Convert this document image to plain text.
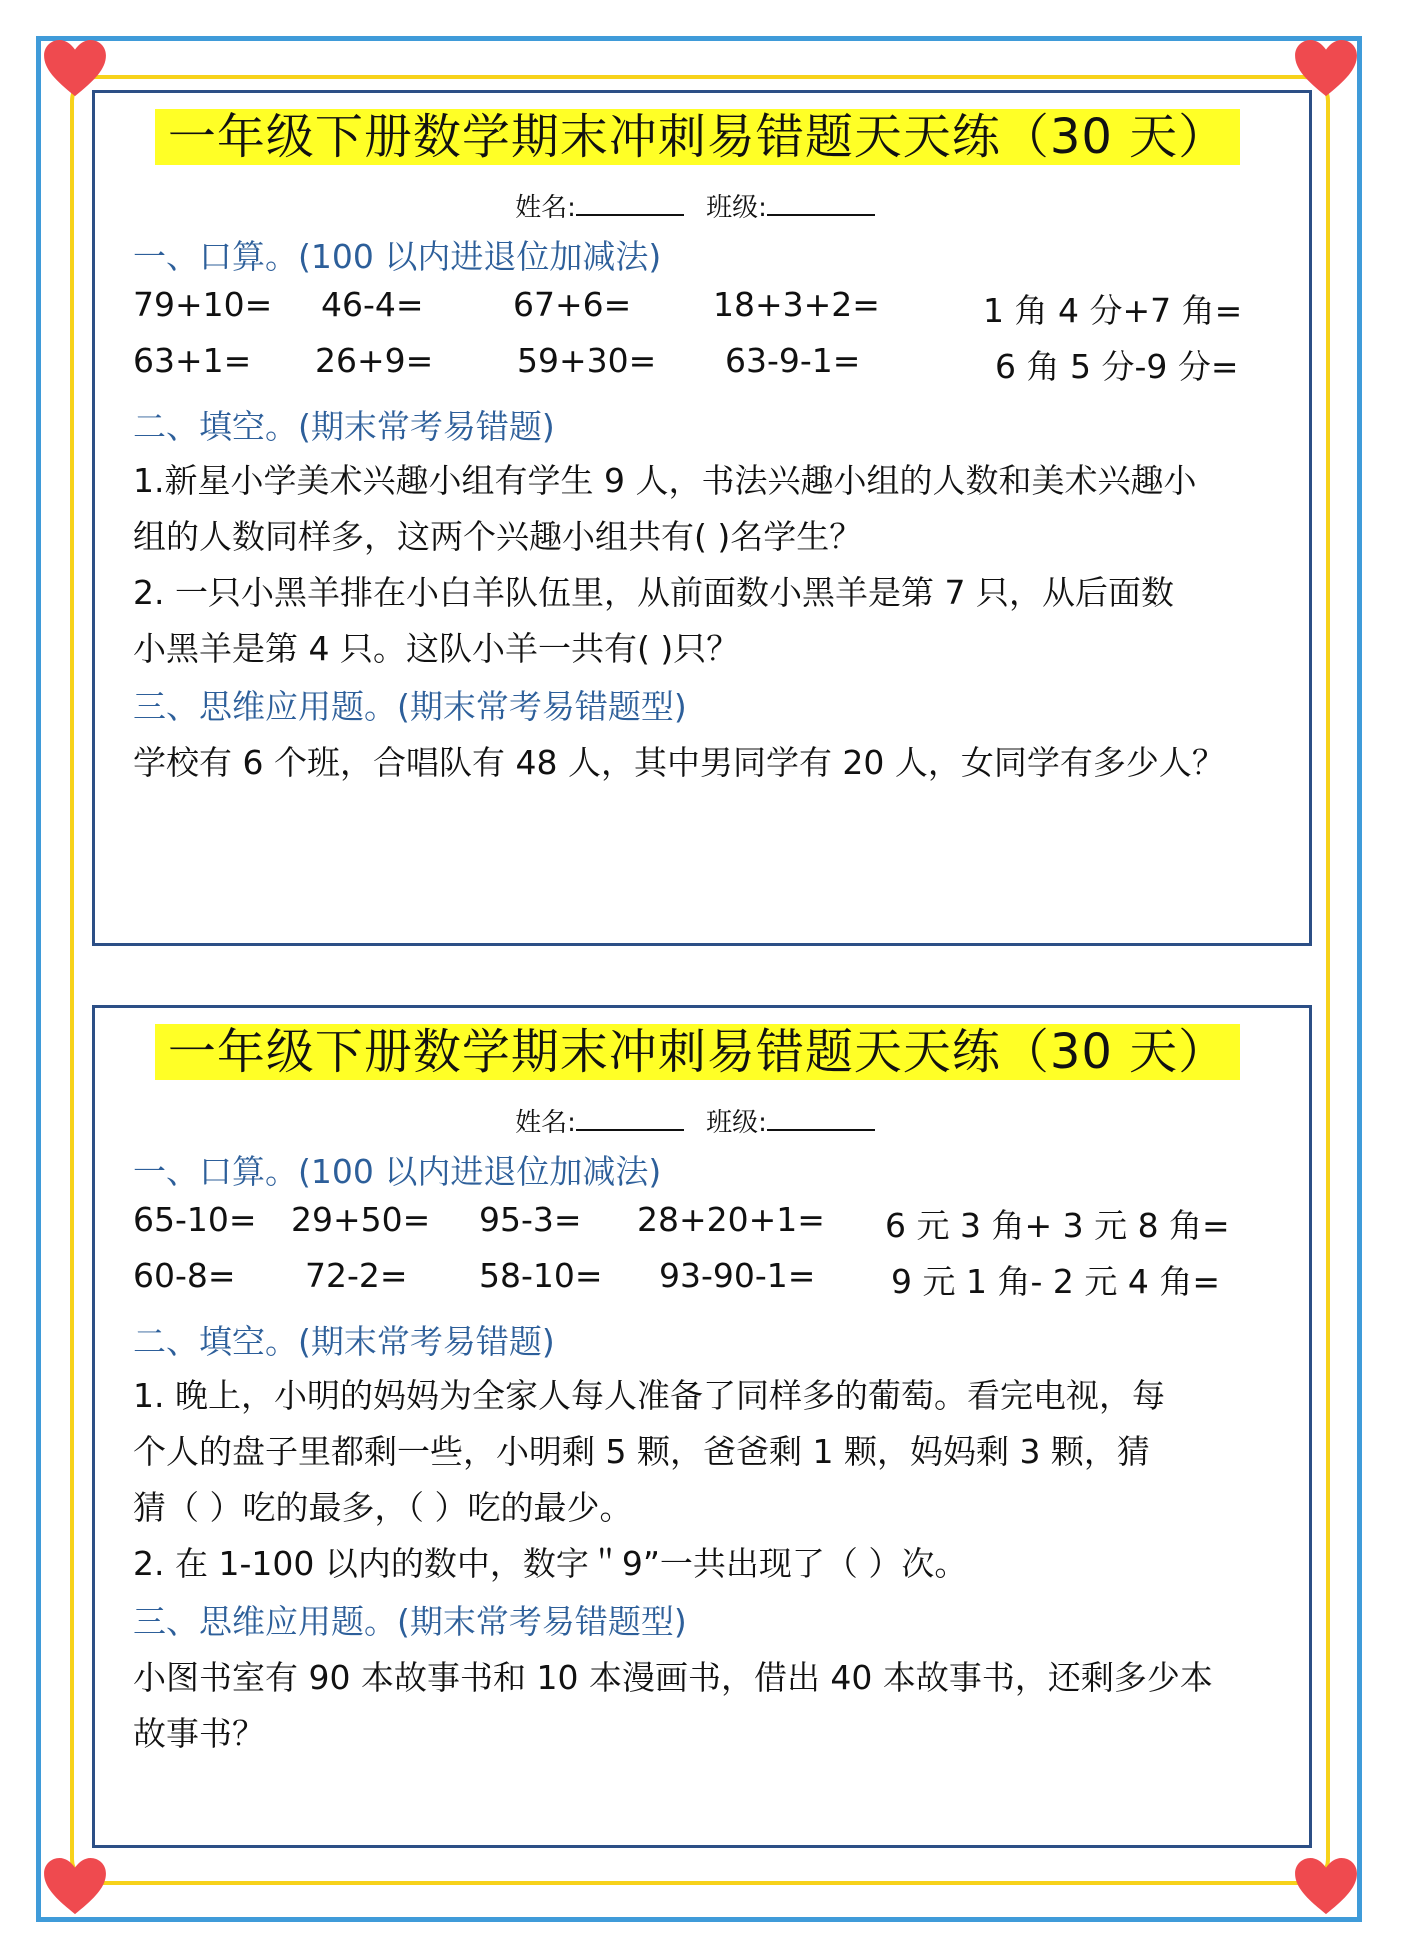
一年级下册数学期末冲刺易错题天天练（30 天）
姓名:	班级:
一、口算。(100 以内进退位加减法)
79+10= 46-4=	67+6= 18+3+2=	1 角 4 分+7 角=
63+1= 26+9=	59+30= 63-9-1=	6 角 5 分-9 分=
二、填空。(期末常考易错题)
1.新星小学美术兴趣小组有学生 9 人，书法兴趣小组的人数和美术兴趣小
组的人数同样多，这两个兴趣小组共有( )名学生？
2. 一只小黑羊排在小白羊队伍里，从前面数小黑羊是第 7 只，从后面数
小黑羊是第 4 只。这队小羊一共有( )只？
三、思维应用题。(期末常考易错题型)
学校有 6 个班，合唱队有 48 人，其中男同学有 20 人，女同学有多少人？
一年级下册数学期末冲刺易错题天天练（30 天）
姓名:	班级:
一、口算。(100 以内进退位加减法)
65-10= 29+50= 95-3= 28+20+1= 6 元 3 角+ 3 元 8 角=
60-8= 72-2= 58-10= 93-90-1= 9 元 1 角- 2 元 4 角=
二、填空。(期末常考易错题)
1. 晚上，小明的妈妈为全家人每人准备了同样多的葡萄。看完电视，每
个人的盘子里都剩一些，小明剩 5 颗，爸爸剩 1 颗，妈妈剩 3 颗，猜
猜（ ）吃的最多，（ ）吃的最少。
2. 在 1-100 以内的数中，数字＂9”一共出现了（ ）次。
三、思维应用题。(期末常考易错题型)
小图书室有 90 本故事书和 10 本漫画书，借出 40 本故事书，还剩多少本
故事书？
